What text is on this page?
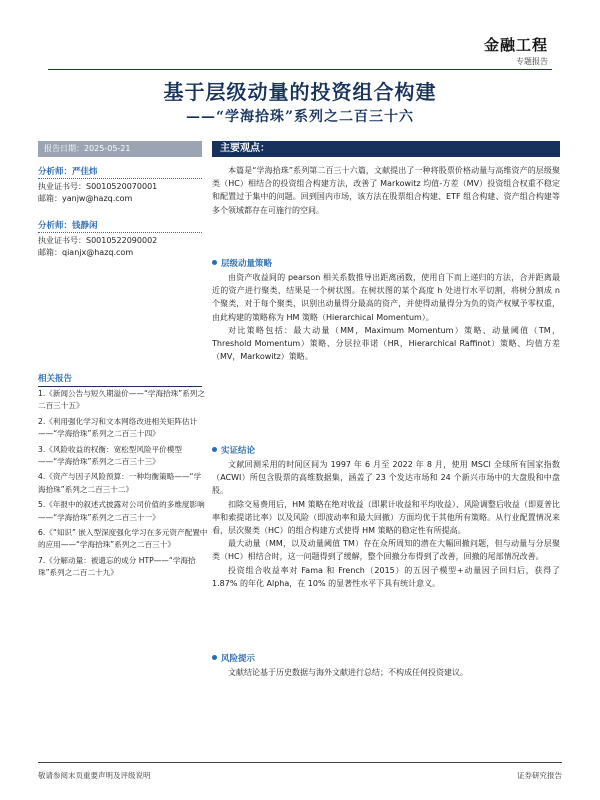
金融工程
专题报告
基于层级动量的投资组合构建
——“学海拾珠”系列之二百三十六
报告日期：2025-05-21
分析师：严佳炜
执业证书号：S0010520070001
邮箱：yanjw@hazq.com
分析师：钱静闲
执业证书号：S0010522090002
邮箱：qianjx@hazq.com
相关报告
1.《新闻公告与短久期溢价——“学海拾珠”系列之二百三十五》
2.《利用强化学习和文本网络改进相关矩阵估计 ——“学海拾珠”系列之二百三十四》
3.《风险收益的权衡：宽松型风险平价模型 ——“学海拾珠”系列之二百三十三》
4.《资产与因子风险预算：一种均衡策略——“学海拾珠”系列之二百三十二》
5.《年报中的叙述式披露对公司价值的多维度影响——“学海拾珠”系列之二百三十一》
6.《“知识” 嵌入型深度强化学习在多元资产配置中的应用——“学海拾珠”系列之二百三十》
7.《分解动量：被遗忘的成分 HTP——“学海拾珠”系列之二百二十九》
主要观点：

本篇是“学海拾珠”系列第二百三十六篇，文献提出了一种将股票价格动量与高维资产的层级聚类（HC）相结合的投资组合构建方法，改善了 Markowitz 均值-方差（MV）投资组合权重不稳定和配置过于集中的问题。回到国内市场，该方法在股票组合构建、ETF 组合构建、资产组合构建等多个领域都存在可施行的空间。

层级动量策略

由资产收益间的 pearson 相关系数推导出距离函数，使用自下而上递归的方法，合并距离最近的资产进行聚类，结果是一个树状图。在树状图的某个高度 h 处进行水平切割，将树分割成 n 个聚类，对于每个聚类，识别出动量得分最高的资产，并使得动量得分为负的资产权赋予零权重，由此构建的策略称为 HM 策略（Hierarchical Momentum）。

对比策略包括：最大动量（MM，Maximum Momentum）策略、动量阈值（TM，Threshold Momentum）策略、分层拉菲诺（HR，Hierarchical Raffinot）策略、均值方差（MV，Markowitz）策略。

实证结论

文献回测采用的时间区间为 1997 年 6 月至 2022 年 8 月，使用 MSCI 全球所有国家指数（ACWI）所包含股票的高维数据集，涵盖了 23 个发达市场和 24 个新兴市场中的大盘股和中盘股。

扣除交易费用后，HM 策略在绝对收益（即累计收益和平均收益）、风险调整后收益（即夏普比率和索提诺比率）以及风险（即波动率和最大回撤）方面均优于其他所有策略。从行业配置情况来看，层次聚类（HC）的组合构建方式使得 HM 策略的稳定性有所提高。

最大动量（MM，以及动量阈值 TM）存在众所周知的潜在大幅回撤问题，但与动量与分层聚类（HC）相结合时，这一问题得到了缓解，整个回撤分布得到了改善，回撤的尾部情况改善。

投资组合收益率对 Fama 和 French（2015）的五因子模型+动量因子回归后，获得了 1.87% 的年化 Alpha，在 10% 的显著性水平下具有统计意义。

风险提示

文献结论基于历史数据与海外文献进行总结；不构成任何投资建议。

敬请参阅末页重要声明及评级说明	证券研究报告
